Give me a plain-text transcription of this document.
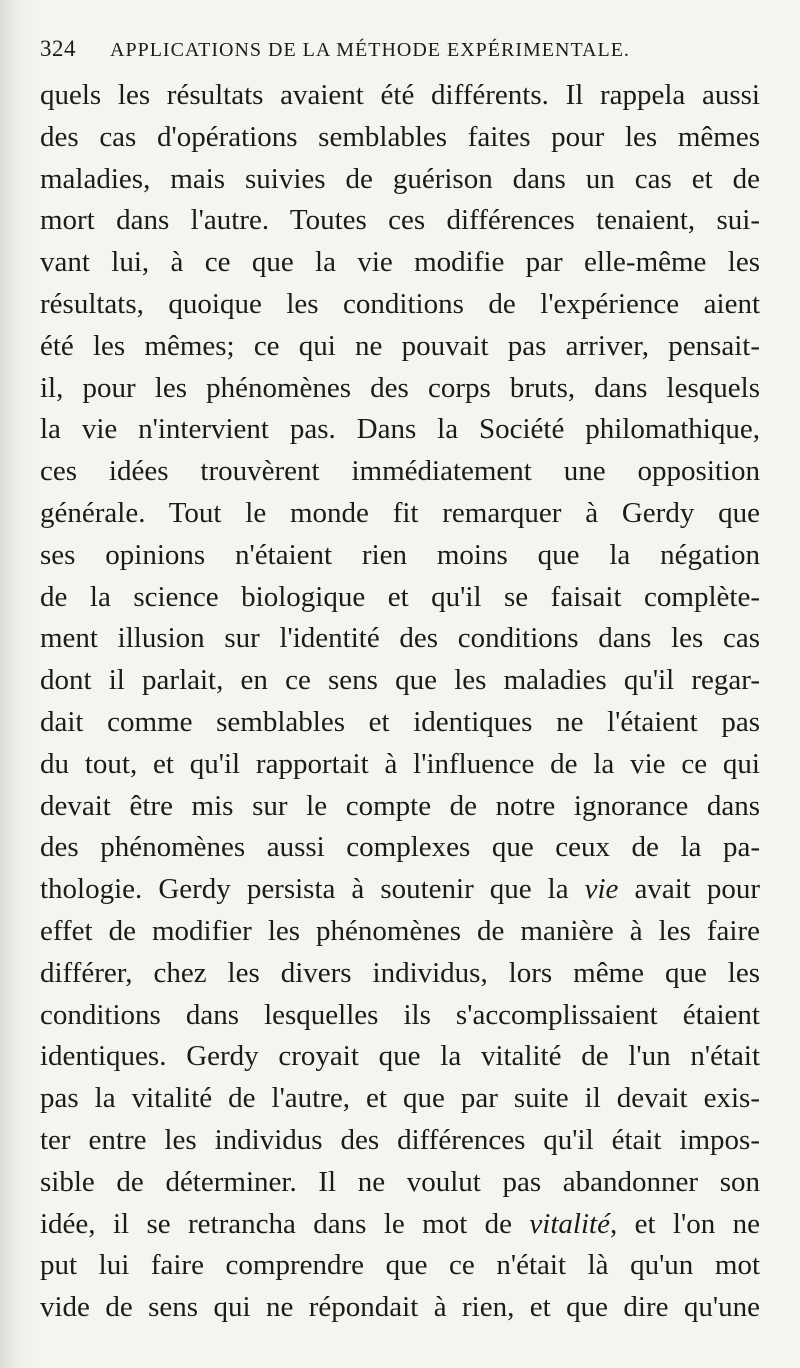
324 APPLICATIONS DE LA MÉTHODE EXPÉRIMENTALE.
quels les résultats avaient été différents. Il rappela aussi
des cas d'opérations semblables faites pour les mêmes
maladies, mais suivies de guérison dans un cas et de
mort dans l'autre. Toutes ces différences tenaient, sui-
vant lui, à ce que la vie modifie par elle-même les
résultats, quoique les conditions de l'expérience aient
été les mêmes; ce qui ne pouvait pas arriver, pensait-
il, pour les phénomènes des corps bruts, dans lesquels
la vie n'intervient pas. Dans la Société philomathique,
ces idées trouvèrent immédiatement une opposition
générale. Tout le monde fit remarquer à Gerdy que
ses opinions n'étaient rien moins que la négation
de la science biologique et qu'il se faisait complète-
ment illusion sur l'identité des conditions dans les cas
dont il parlait, en ce sens que les maladies qu'il regar-
dait comme semblables et identiques ne l'étaient pas
du tout, et qu'il rapportait à l'influence de la vie ce qui
devait être mis sur le compte de notre ignorance dans
des phénomènes aussi complexes que ceux de la pa-
thologie. Gerdy persista à soutenir que la vie avait pour
effet de modifier les phénomènes de manière à les faire
différer, chez les divers individus, lors même que les
conditions dans lesquelles ils s'accomplissaient étaient
identiques. Gerdy croyait que la vitalité de l'un n'était
pas la vitalité de l'autre, et que par suite il devait exis-
ter entre les individus des différences qu'il était impos-
sible de déterminer. Il ne voulut pas abandonner son
idée, il se retrancha dans le mot de vitalité, et l'on ne
put lui faire comprendre que ce n'était là qu'un mot
vide de sens qui ne répondait à rien, et que dire qu'une
